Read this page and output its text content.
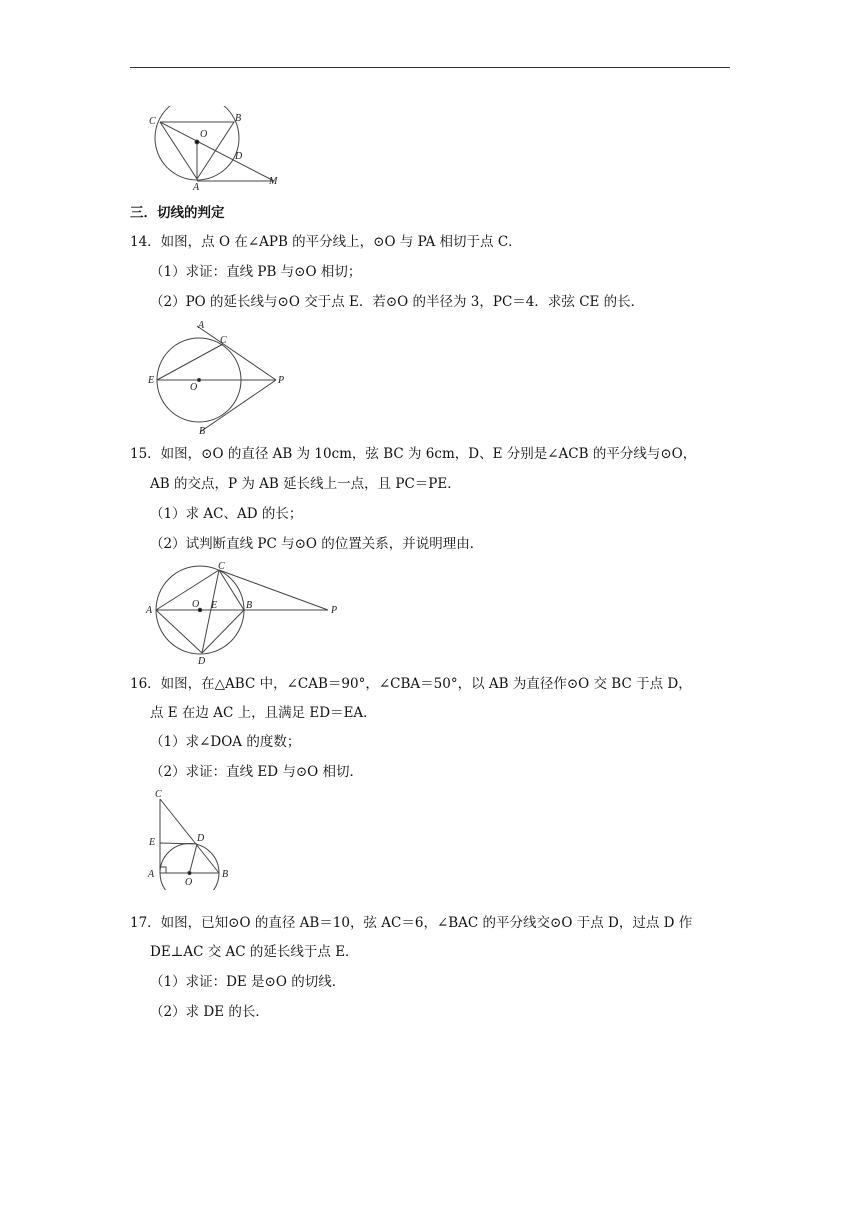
C	B
O
D
A
M
三．切线的判定
14．如图，点 O 在∠APB 的平分线上，⊙O 与 PA 相切于点 C．
（1）求证：直线 PB 与⊙O 相切；
（2）PO 的延长线与⊙O 交于点 E．若⊙O 的半径为 3，PC＝4．求弦 CE 的长．
A
C
E
O
P
B
15．如图，⊙O 的直径 AB 为 10cm，弦 BC 为 6cm，D、E 分别是∠ACB 的平分线与⊙O，
AB 的交点，P 为 AB 延长线上一点，且 PC＝PE．
（1）求 AC、AD 的长；
（2）试判断直线 PC 与⊙O 的位置关系，并说明理由．
C
A
O E	B	P
D
16．如图，在△ABC 中，∠CAB＝90°，∠CBA＝50°，以 AB 为直径作⊙O 交 BC 于点 D，
点 E 在边 AC 上，且满足 ED＝EA．
（1）求∠DOA 的度数；
（2）求证：直线 ED 与⊙O 相切．
C
E	D
A
O
B
17．如图，已知⊙O 的直径 AB＝10，弦 AC＝6，∠BAC 的平分线交⊙O 于点 D，过点 D 作
DE⊥AC 交 AC 的延长线于点 E．
（1）求证：DE 是⊙O 的切线．
（2）求 DE 的长．
